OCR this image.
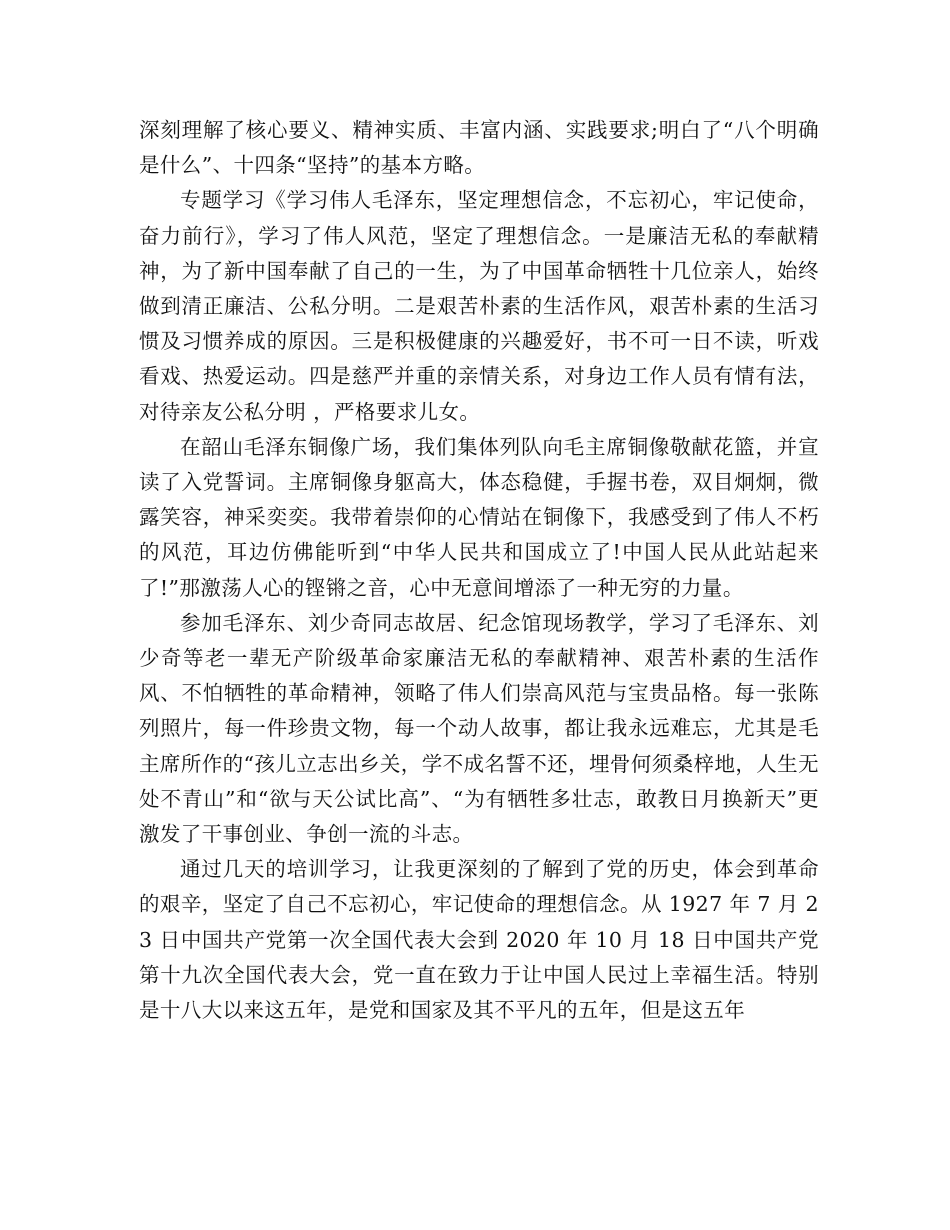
深刻理解了核心要义、精神实质、丰富内涵、实践要求;明白了“八个明确是什么”、十四条“坚持”的基本方略。

专题学习《学习伟人毛泽东，坚定理想信念，不忘初心，牢记使命，奋力前行》，学习了伟人风范，坚定了理想信念。一是廉洁无私的奉献精神，为了新中国奉献了自己的一生，为了中国革命牺牲十几位亲人，始终做到清正廉洁、公私分明。二是艰苦朴素的生活作风，艰苦朴素的生活习惯及习惯养成的原因。三是积极健康的兴趣爱好，书不可一日不读，听戏看戏、热爱运动。四是慈严并重的亲情关系，对身边工作人员有情有法，对待亲友公私分明 ，严格要求儿女。

在韶山毛泽东铜像广场，我们集体列队向毛主席铜像敬献花篮，并宣读了入党誓词。主席铜像身躯高大，体态稳健，手握书卷，双目炯炯，微露笑容，神采奕奕。我带着崇仰的心情站在铜像下，我感受到了伟人不朽的风范，耳边仿佛能听到“中华人民共和国成立了!中国人民从此站起来了!”那激荡人心的铿锵之音，心中无意间增添了一种无穷的力量。

参加毛泽东、刘少奇同志故居、纪念馆现场教学，学习了毛泽东、刘少奇等老一辈无产阶级革命家廉洁无私的奉献精神、艰苦朴素的生活作风、不怕牺牲的革命精神，领略了伟人们崇高风范与宝贵品格。每一张陈列照片，每一件珍贵文物，每一个动人故事，都让我永远难忘，尤其是毛主席所作的“孩儿立志出乡关，学不成名誓不还，埋骨何须桑梓地，人生无处不青山”和“欲与天公试比高”、“为有牺牲多壮志，敢教日月换新天”更激发了干事创业、争创一流的斗志。

通过几天的培训学习，让我更深刻的了解到了党的历史，体会到革命的艰辛，坚定了自己不忘初心，牢记使命的理想信念。从 1927 年 7 月 23 日中国共产党第一次全国代表大会到 2020 年 10 月 18 日中国共产党第十九次全国代表大会，党一直在致力于让中国人民过上幸福生活。特别是十八大以来这五年，是党和国家及其不平凡的五年，但是这五年
